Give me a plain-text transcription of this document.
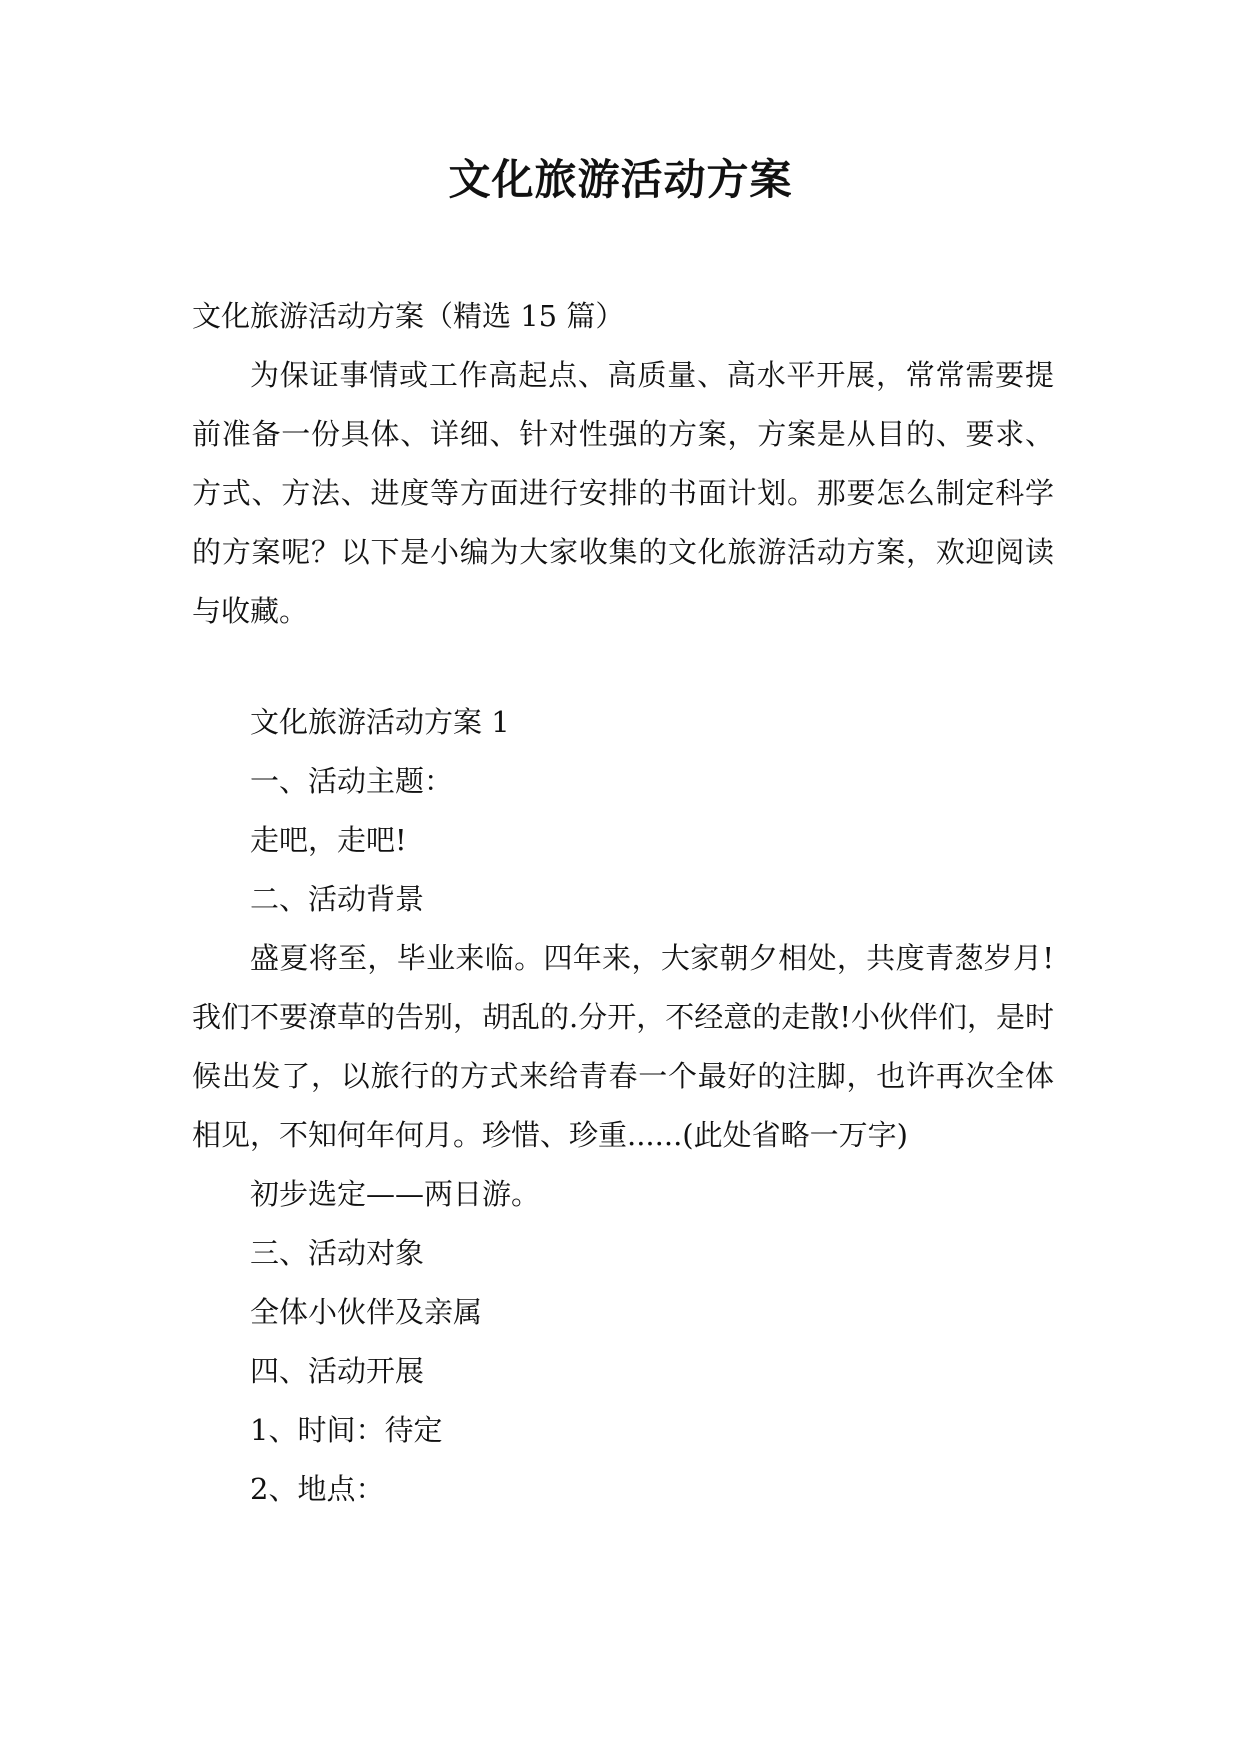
文化旅游活动方案

文化旅游活动方案（精选 15 篇）

为保证事情或工作高起点、高质量、高水平开展，常常需要提前准备一份具体、详细、针对性强的方案，方案是从目的、要求、方式、方法、进度等方面进行安排的书面计划。那要怎么制定科学的方案呢？以下是小编为大家收集的文化旅游活动方案，欢迎阅读与收藏。

文化旅游活动方案 1

一、活动主题：

走吧，走吧!

二、活动背景

盛夏将至，毕业来临。四年来，大家朝夕相处，共度青葱岁月!我们不要潦草的告别，胡乱的.分开，不经意的走散!小伙伴们，是时候出发了，以旅行的方式来给青春一个最好的注脚，也许再次全体相见，不知何年何月。珍惜、珍重......(此处省略一万字)

初步选定——两日游。

三、活动对象

全体小伙伴及亲属

四、活动开展

1、时间：待定

2、地点：
